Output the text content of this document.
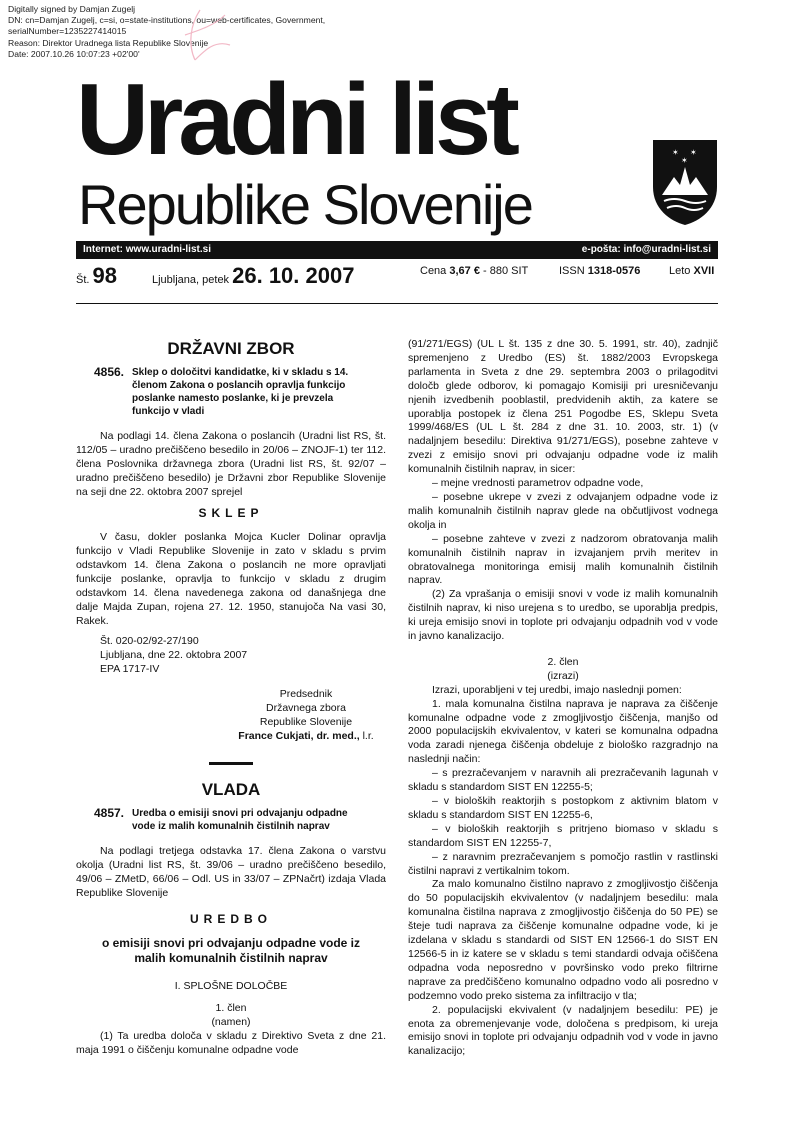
Digitally signed by Damjan Zugelj
DN: cn=Damjan Zugelj, c=si, o=state-institutions, ou=web-certificates, Government,
serialNumber=1235227414015
Reason: Direktor Uradnega lista Republike Slovenije
Date: 2007.10.26 10:07:23 +02'00'
Uradni list
Republike Slovenije
✶ ✶
✶
Internet: www.uradni-list.si	e-pošta: info@uradni-list.si
Št. 98	Ljubljana, petek 26. 10. 2007	Cena 3,67 € - 880 SIT	ISSN 1318-0576	Leto XVII
DRŽAVNI ZBOR
4856. Sklep o določitvi kandidatke, ki v skladu s 14. členom Zakona o poslancih opravlja funkcijo poslanke namesto poslanke, ki je prevzela funkcijo v vladi

Na podlagi 14. člena Zakona o poslancih (Uradni list RS, št. 112/05 – uradno prečiščeno besedilo in 20/06 – ZNOJF-1) ter 112. člena Poslovnika državnega zbora (Uradni list RS, št. 92/07 – uradno prečiščeno besedilo) je Državni zbor Republike Slovenije na seji dne 22. oktobra 2007 sprejel

SKLEP

V času, dokler poslanka Mojca Kucler Dolinar opravlja funkcijo v Vladi Republike Slovenije in zato v skladu s prvim odstavkom 14. člena Zakona o poslancih ne more opravljati funkcije poslanke, opravlja to funkcijo v skladu z drugim odstavkom 14. člena navedenega zakona od današnjega dne dalje Majda Zupan, rojena 27. 12. 1950, stanujoča Na vasi 30, Rakek.

Št. 020-02/92-27/190

Ljubljana, dne 22. oktobra 2007

EPA 1717-IV

Predsednik

Državnega zbora

Republike Slovenije

France Cukjati, dr. med., l.r.

VLADA
4857. Uredba o emisiji snovi pri odvajanju odpadne vode iz malih komunalnih čistilnih naprav

Na podlagi tretjega odstavka 17. člena Zakona o varstvu okolja (Uradni list RS, št. 39/06 – uradno prečiščeno besedilo, 49/06 – ZMetD, 66/06 – Odl. US in 33/07 – ZPNačrt) izdaja Vlada Republike Slovenije

UREDBO

o emisiji snovi pri odvajanju odpadne vode iz malih komunalnih čistilnih naprav

I. SPLOŠNE DOLOČBE

1. člen

(namen)

(1) Ta uredba določa v skladu z Direktivo Sveta z dne 21. maja 1991 o čiščenju komunalne odpadne vode

(91/271/EGS) (UL L št. 135 z dne 30. 5. 1991, str. 40), zadnjič spremenjeno z Uredbo (ES) št. 1882/2003 Evropskega parlamenta in Sveta z dne 29. septembra 2003 o prilagoditvi določb glede odborov, ki pomagajo Komisiji pri uresničevanju njenih izvedbenih pooblastil, predvidenih aktih, za katere se uporablja postopek iz člena 251 Pogodbe ES, Sklepu Sveta 1999/468/ES (UL L št. 284 z dne 31. 10. 2003, str. 1) (v nadaljnjem besedilu: Direktiva 91/271/EGS), posebne zahteve v zvezi z emisijo snovi pri odvajanju odpadne vode iz malih komunalnih čistilnih naprav, in sicer:

– mejne vrednosti parametrov odpadne vode,

– posebne ukrepe v zvezi z odvajanjem odpadne vode iz malih komunalnih čistilnih naprav glede na občutljivost vodnega okolja in

– posebne zahteve v zvezi z nadzorom obratovanja malih komunalnih čistilnih naprav in izvajanjem prvih meritev in obratovalnega monitoringa emisij malih komunalnih čistilnih naprav.

(2) Za vprašanja o emisiji snovi v vode iz malih komunalnih čistilnih naprav, ki niso urejena s to uredbo, se uporablja predpis, ki ureja emisijo snovi in toplote pri odvajanju odpadnih vod v vode in javno kanalizacijo.

2. člen

(izrazi)

Izrazi, uporabljeni v tej uredbi, imajo naslednji pomen:

1. mala komunalna čistilna naprava je naprava za čiščenje komunalne odpadne vode z zmogljivostjo čiščenja, manjšo od 2000 populacijskih ekvivalentov, v kateri se komunalna odpadna voda zaradi njenega čiščenja obdeluje z biološko razgradnjo na naslednji način:

– s prezračevanjem v naravnih ali prezračevanih lagunah v skladu s standardom SIST EN 12255-5;

– v bioloških reaktorjih s postopkom z aktivnim blatom v skladu s standardom SIST EN 12255-6,

– v bioloških reaktorjih s pritrjeno biomaso v skladu s standardom SIST EN 12255-7,

– z naravnim prezračevanjem s pomočjo rastlin v rastlinski čistilni napravi z vertikalnim tokom.

Za malo komunalno čistilno napravo z zmogljivostjo čiščenja do 50 populacijskih ekvivalentov (v nadaljnjem besedilu: mala komunalna čistilna naprava z zmogljivostjo čiščenja do 50 PE) se šteje tudi naprava za čiščenje komunalne odpadne vode, ki je izdelana v skladu s standardi od SIST EN 12566-1 do SIST EN 12566-5 in iz katere se v skladu s temi standardi odvaja očiščena odpadna voda neposredno v površinsko vodo preko filtrirne naprave za predčiščeno komunalno odpadno vodo ali posredno v podzemno vodo preko sistema za infiltracijo v tla;

2. populacijski ekvivalent (v nadaljnjem besedilu: PE) je enota za obremenjevanje vode, določena s predpisom, ki ureja emisijo snovi in toplote pri odvajanju odpadnih vod v vode in javno kanalizacijo;
